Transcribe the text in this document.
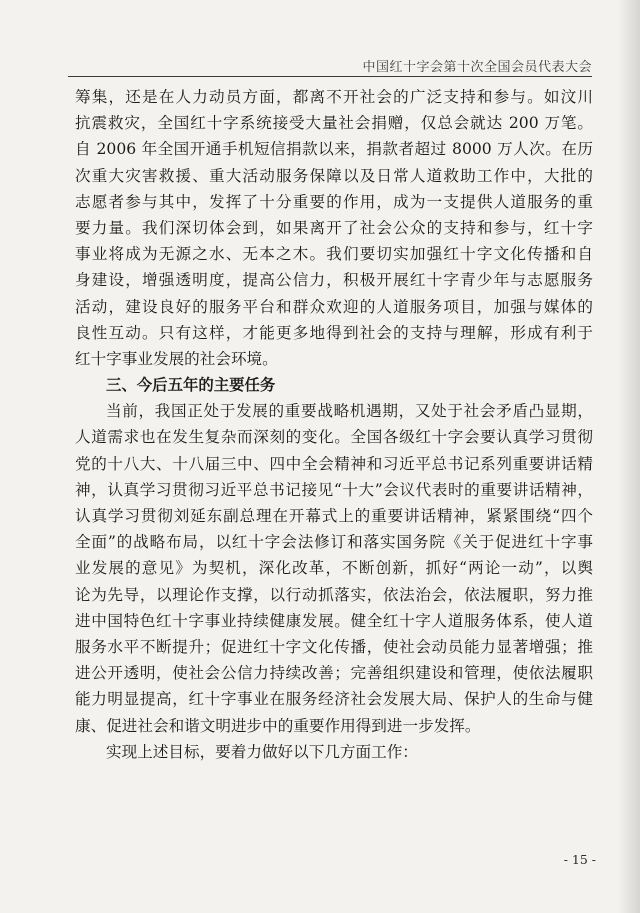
中国红十字会第十次全国会员代表大会
筹集，还是在人力动员方面，都离不开社会的广泛支持和参与。如汶川
抗震救灾，全国红十字系统接受大量社会捐赠，仅总会就达 200 万笔。
自 2006 年全国开通手机短信捐款以来，捐款者超过 8000 万人次。在历
次重大灾害救援、重大活动服务保障以及日常人道救助工作中，大批的
志愿者参与其中，发挥了十分重要的作用，成为一支提供人道服务的重
要力量。我们深切体会到，如果离开了社会公众的支持和参与，红十字
事业将成为无源之水、无本之木。我们要切实加强红十字文化传播和自
身建设，增强透明度，提高公信力，积极开展红十字青少年与志愿服务
活动，建设良好的服务平台和群众欢迎的人道服务项目，加强与媒体的
良性互动。只有这样，才能更多地得到社会的支持与理解，形成有利于
红十字事业发展的社会环境。
三、今后五年的主要任务
当前，我国正处于发展的重要战略机遇期，又处于社会矛盾凸显期，
人道需求也在发生复杂而深刻的变化。全国各级红十字会要认真学习贯彻
党的十八大、十八届三中、四中全会精神和习近平总书记系列重要讲话精
神，认真学习贯彻习近平总书记接见“十大”会议代表时的重要讲话精神，
认真学习贯彻刘延东副总理在开幕式上的重要讲话精神，紧紧围绕“四个
全面”的战略布局，以红十字会法修订和落实国务院《关于促进红十字事
业发展的意见》为契机，深化改革，不断创新，抓好“两论一动”，以舆
论为先导，以理论作支撑，以行动抓落实，依法治会，依法履职，努力推
进中国特色红十字事业持续健康发展。健全红十字人道服务体系，使人道
服务水平不断提升；促进红十字文化传播，使社会动员能力显著增强；推
进公开透明，使社会公信力持续改善；完善组织建设和管理，使依法履职
能力明显提高，红十字事业在服务经济社会发展大局、保护人的生命与健
康、促进社会和谐文明进步中的重要作用得到进一步发挥。
实现上述目标，要着力做好以下几方面工作：
- 15 -
